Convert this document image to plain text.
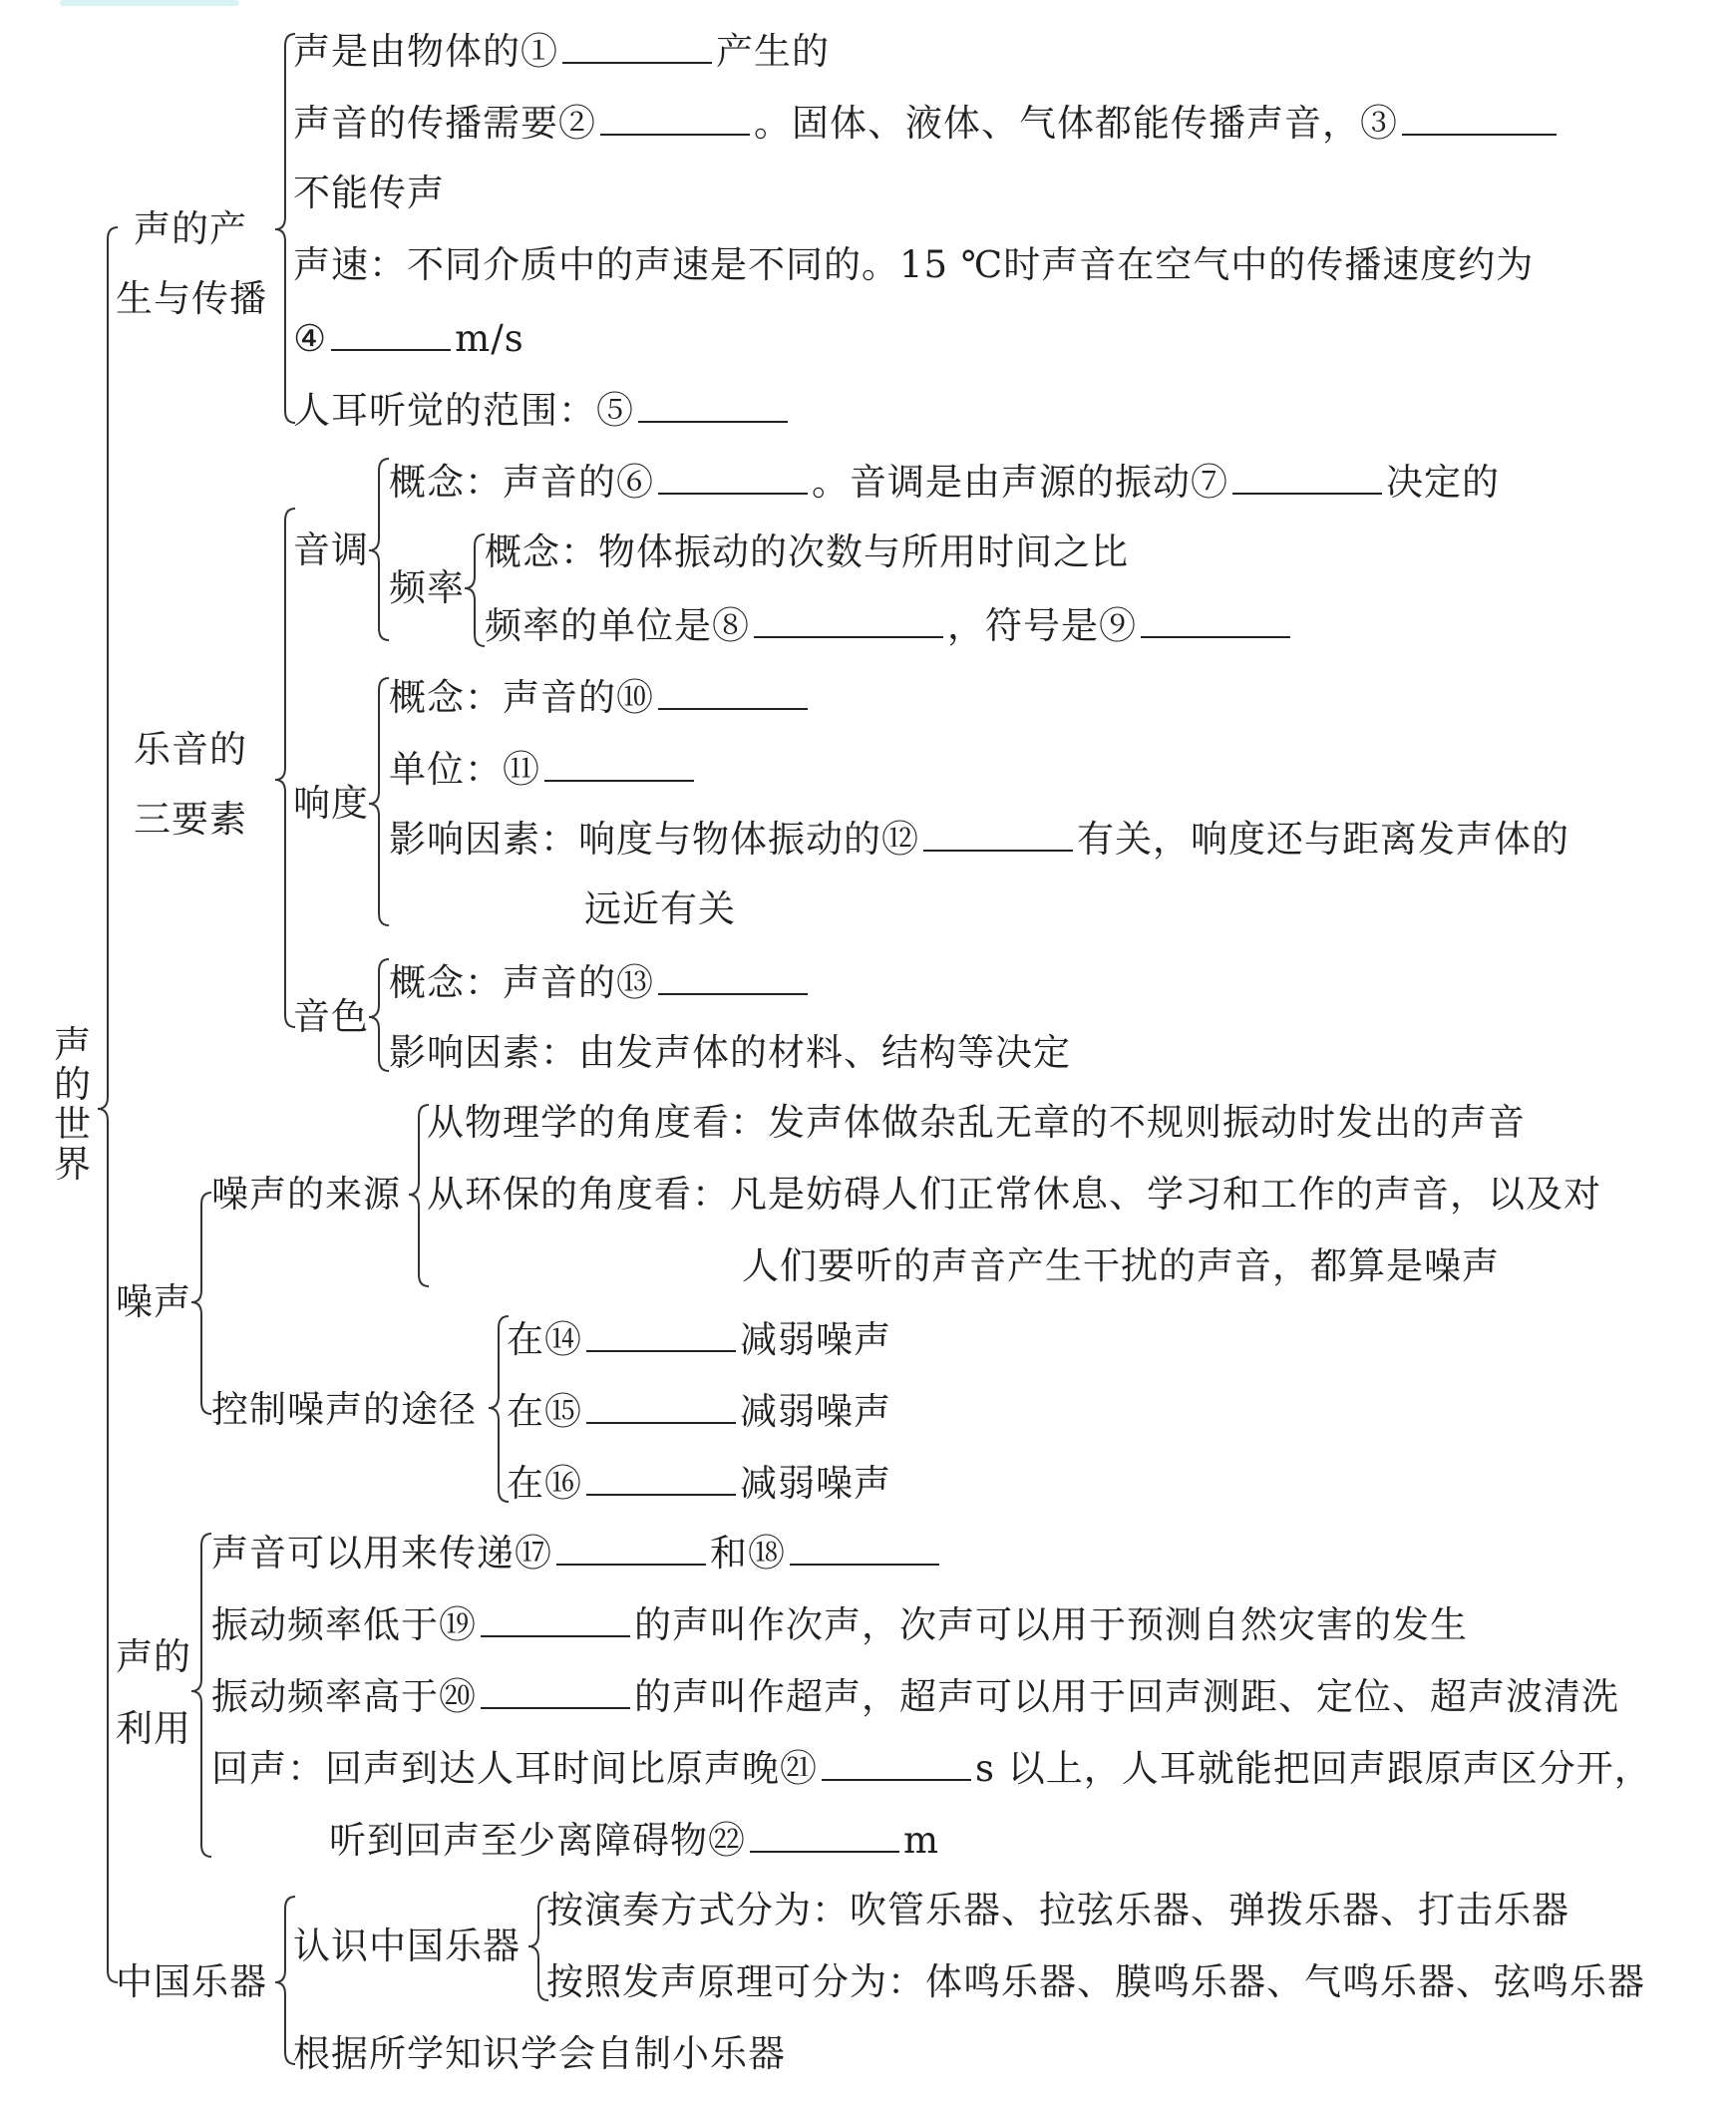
声的世界
声的产
生与传播
声是由物体的①	产生的
声音的传播需要②	。固体、液体、气体都能传播声音，③
不能传声
声速：不同介质中的声速是不同的。15 ℃时声音在空气中的传播速度约为
④	m/s
人耳听觉的范围：⑤
乐音的
三要素
音调
概念：声音的⑥	。音调是由声源的振动⑦	决定的
频率
概念：物体振动的次数与所用时间之比
频率的单位是⑧	，符号是⑨
响度
概念：声音的⑩
单位：⑪
影响因素：响度与物体振动的⑫	有关，响度还与距离发声体的
远近有关
音色
概念：声音的⑬
影响因素：由发声体的材料、结构等决定
噪声
噪声的来源
从物理学的角度看：发声体做杂乱无章的不规则振动时发出的声音
从环保的角度看：凡是妨碍人们正常休息、学习和工作的声音，以及对
人们要听的声音产生干扰的声音，都算是噪声
控制噪声的途径
在⑭	减弱噪声
在⑮	减弱噪声
在⑯	减弱噪声
声的
利用
声音可以用来传递⑰	和⑱
振动频率低于⑲	的声叫作次声，次声可以用于预测自然灾害的发生
振动频率高于⑳	的声叫作超声，超声可以用于回声测距、定位、超声波清洗
回声：回声到达人耳时间比原声晚㉑	s 以上，人耳就能把回声跟原声区分开，
听到回声至少离障碍物㉒	m
中国乐器
认识中国乐器
按演奏方式分为：吹管乐器、拉弦乐器、弹拨乐器、打击乐器
按照发声原理可分为：体鸣乐器、膜鸣乐器、气鸣乐器、弦鸣乐器
根据所学知识学会自制小乐器
